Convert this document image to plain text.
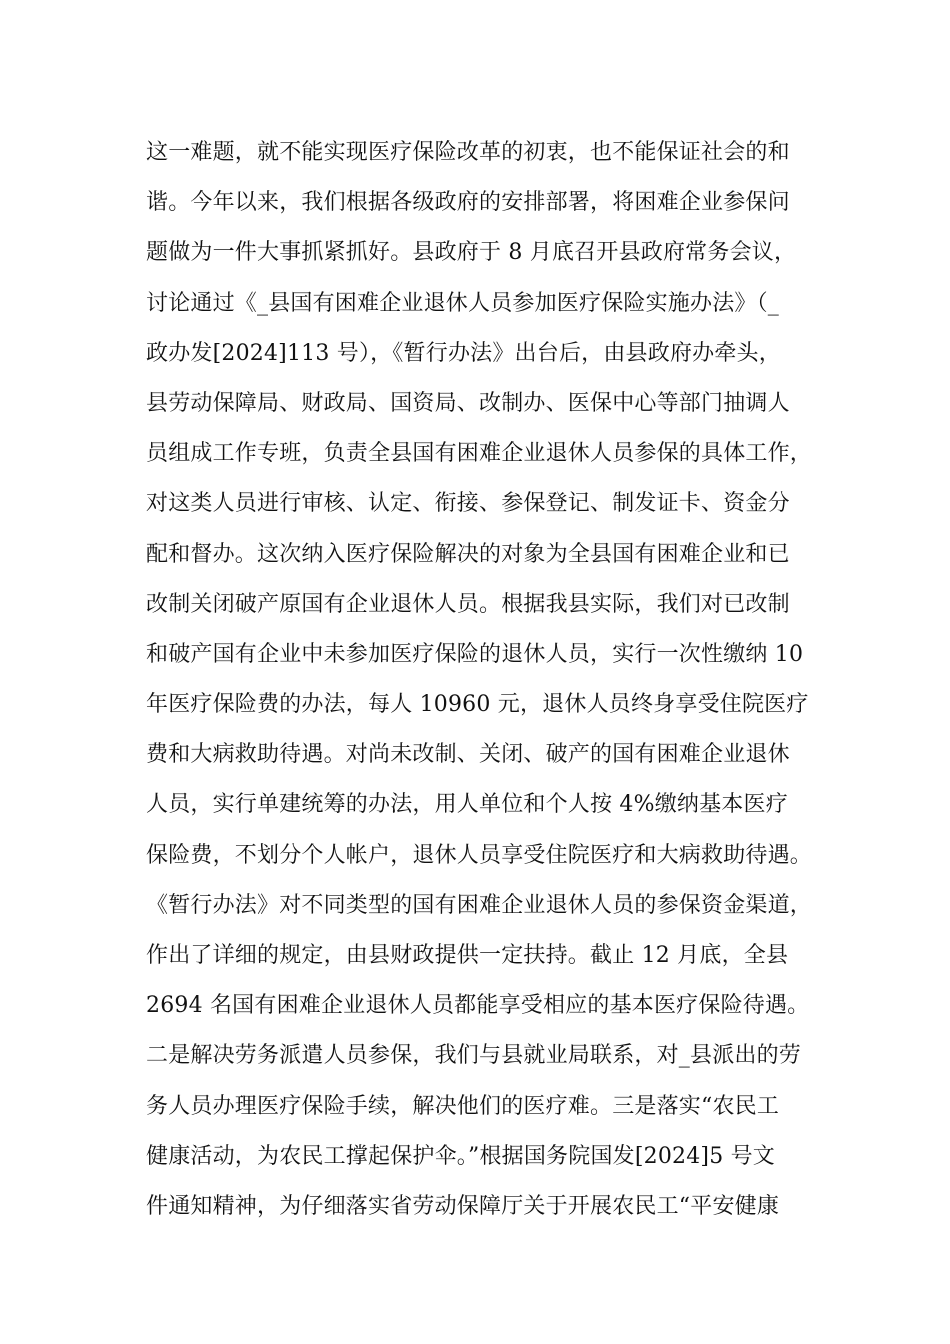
这一难题，就不能实现医疗保险改革的初衷，也不能保证社会的和
谐。今年以来，我们根据各级政府的安排部署，将困难企业参保问
题做为一件大事抓紧抓好。县政府于 8 月底召开县政府常务会议，
讨论通过《_县国有困难企业退休人员参加医疗保险实施办法》（_
政办发[2024]113 号），《暂行办法》出台后，由县政府办牵头，
县劳动保障局、财政局、国资局、改制办、医保中心等部门抽调人
员组成工作专班，负责全县国有困难企业退休人员参保的具体工作，
对这类人员进行审核、认定、衔接、参保登记、制发证卡、资金分
配和督办。这次纳入医疗保险解决的对象为全县国有困难企业和已
改制关闭破产原国有企业退休人员。根据我县实际，我们对已改制
和破产国有企业中未参加医疗保险的退休人员，实行一次性缴纳 10
年医疗保险费的办法，每人 10960 元，退休人员终身享受住院医疗
费和大病救助待遇。对尚未改制、关闭、破产的国有困难企业退休
人员，实行单建统筹的办法，用人单位和个人按 4%缴纳基本医疗
保险费，不划分个人帐户，退休人员享受住院医疗和大病救助待遇。
《暂行办法》对不同类型的国有困难企业退休人员的参保资金渠道，
作出了详细的规定，由县财政提供一定扶持。截止 12 月底，全县
2694 名国有困难企业退休人员都能享受相应的基本医疗保险待遇。
二是解决劳务派遣人员参保，我们与县就业局联系，对_县派出的劳
务人员办理医疗保险手续，解决他们的医疗难。三是落实“农民工
健康活动，为农民工撑起保护伞。”根据国务院国发[2024]5 号文
件通知精神，为仔细落实省劳动保障厅关于开展农民工“平安健康
